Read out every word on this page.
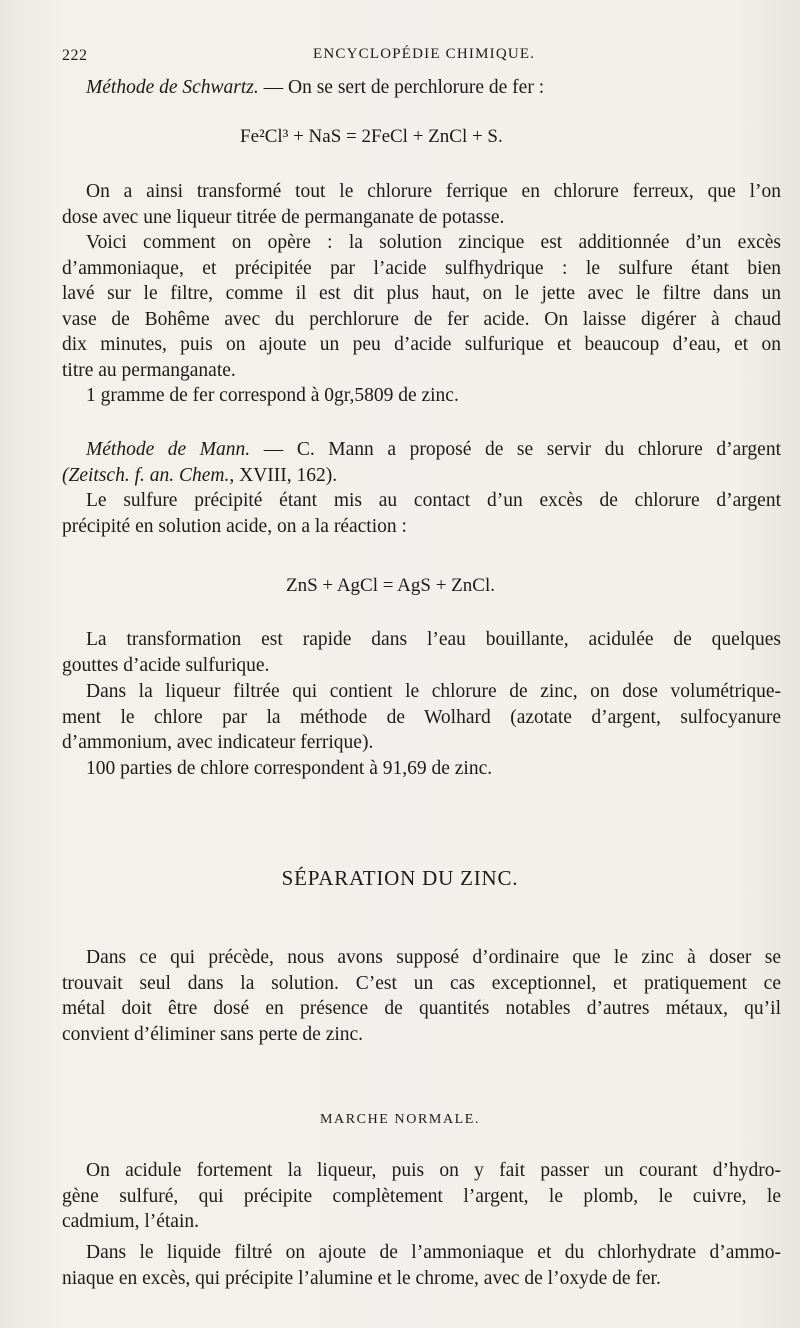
222	ENCYCLOPÉDIE CHIMIQUE.
Méthode de Schwartz. — On se sert de perchlorure de fer :
Fe²Cl³ + NaS = 2FeCl + ZnCl + S.
On a ainsi transformé tout le chlorure ferrique en chlorure ferreux, que l’on
dose avec une liqueur titrée de permanganate de potasse.
Voici comment on opère : la solution zincique est additionnée d’un excès
d’ammoniaque, et précipitée par l’acide sulfhydrique : le sulfure étant bien
lavé sur le filtre, comme il est dit plus haut, on le jette avec le filtre dans un
vase de Bohême avec du perchlorure de fer acide. On laisse digérer à chaud
dix minutes, puis on ajoute un peu d’acide sulfurique et beaucoup d’eau, et on
titre au permanganate.
1 gramme de fer correspond à 0gr,5809 de zinc.
Méthode de Mann. — C. Mann a proposé de se servir du chlorure d’argent
(Zeitsch. f. an. Chem., XVIII, 162).
Le sulfure précipité étant mis au contact d’un excès de chlorure d’argent
précipité en solution acide, on a la réaction :
ZnS + AgCl = AgS + ZnCl.
La transformation est rapide dans l’eau bouillante, acidulée de quelques
gouttes d’acide sulfurique.
Dans la liqueur filtrée qui contient le chlorure de zinc, on dose volumétrique-
ment le chlore par la méthode de Wolhard (azotate d’argent, sulfocyanure
d’ammonium, avec indicateur ferrique).
100 parties de chlore correspondent à 91,69 de zinc.
SÉPARATION DU ZINC.
Dans ce qui précède, nous avons supposé d’ordinaire que le zinc à doser se
trouvait seul dans la solution. C’est un cas exceptionnel, et pratiquement ce
métal doit être dosé en présence de quantités notables d’autres métaux, qu’il
convient d’éliminer sans perte de zinc.
MARCHE NORMALE.
On acidule fortement la liqueur, puis on y fait passer un courant d’hydro-
gène sulfuré, qui précipite complètement l’argent, le plomb, le cuivre, le
cadmium, l’étain.
Dans le liquide filtré on ajoute de l’ammoniaque et du chlorhydrate d’ammo-
niaque en excès, qui précipite l’alumine et le chrome, avec de l’oxyde de fer.
